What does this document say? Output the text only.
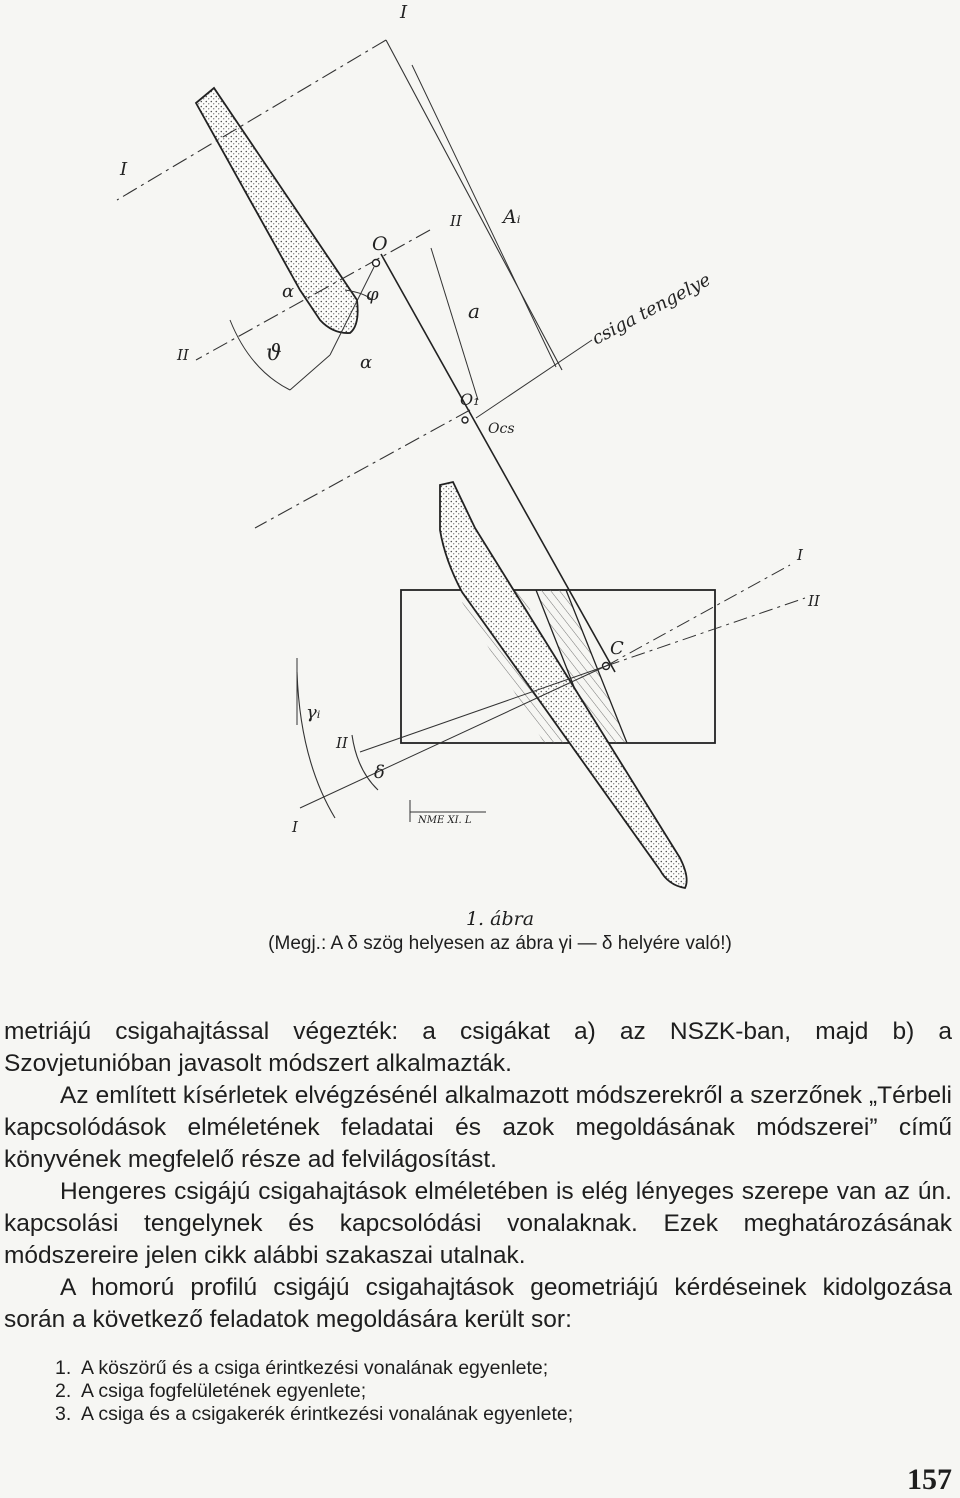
I
I
II
II
I
II
II
I
α
α
φ
ϑ
O
O₁
Ocs
a
Aᵢ
csiga tengelye
C
γᵢ
δ
NME XI. L
1. ábra
(Megj.: A δ szög helyesen az ábra γi — δ helyére való!)

metriájú csigahajtással végezték: a csigákat a) az NSZK-ban, majd b) a Szovjetunióban javasolt módszert alkalmazták.

Az említett kísérletek elvégzésénél alkalmazott módszerekről a szerzőnek „Térbeli kapcsolódások elméletének feladatai és azok megoldásának módszerei” című könyvének megfelelő része ad felvilágosítást.

Hengeres csigájú csigahajtások elméletében is elég lényeges szerepe van az ún. kapcsolási tengelynek és kapcsolódási vonalaknak. Ezek meghatározásának módszereire jelen cikk alábbi szakaszai utalnak.

A homorú profilú csigájú csigahajtások geometriájú kérdéseinek kidolgozása során a következő feladatok megoldására került sor:

1. A köszörű és a csiga érintkezési vonalának egyenlete;
2. A csiga fogfelületének egyenlete;
3. A csiga és a csigakerék érintkezési vonalának egyenlete;
157
